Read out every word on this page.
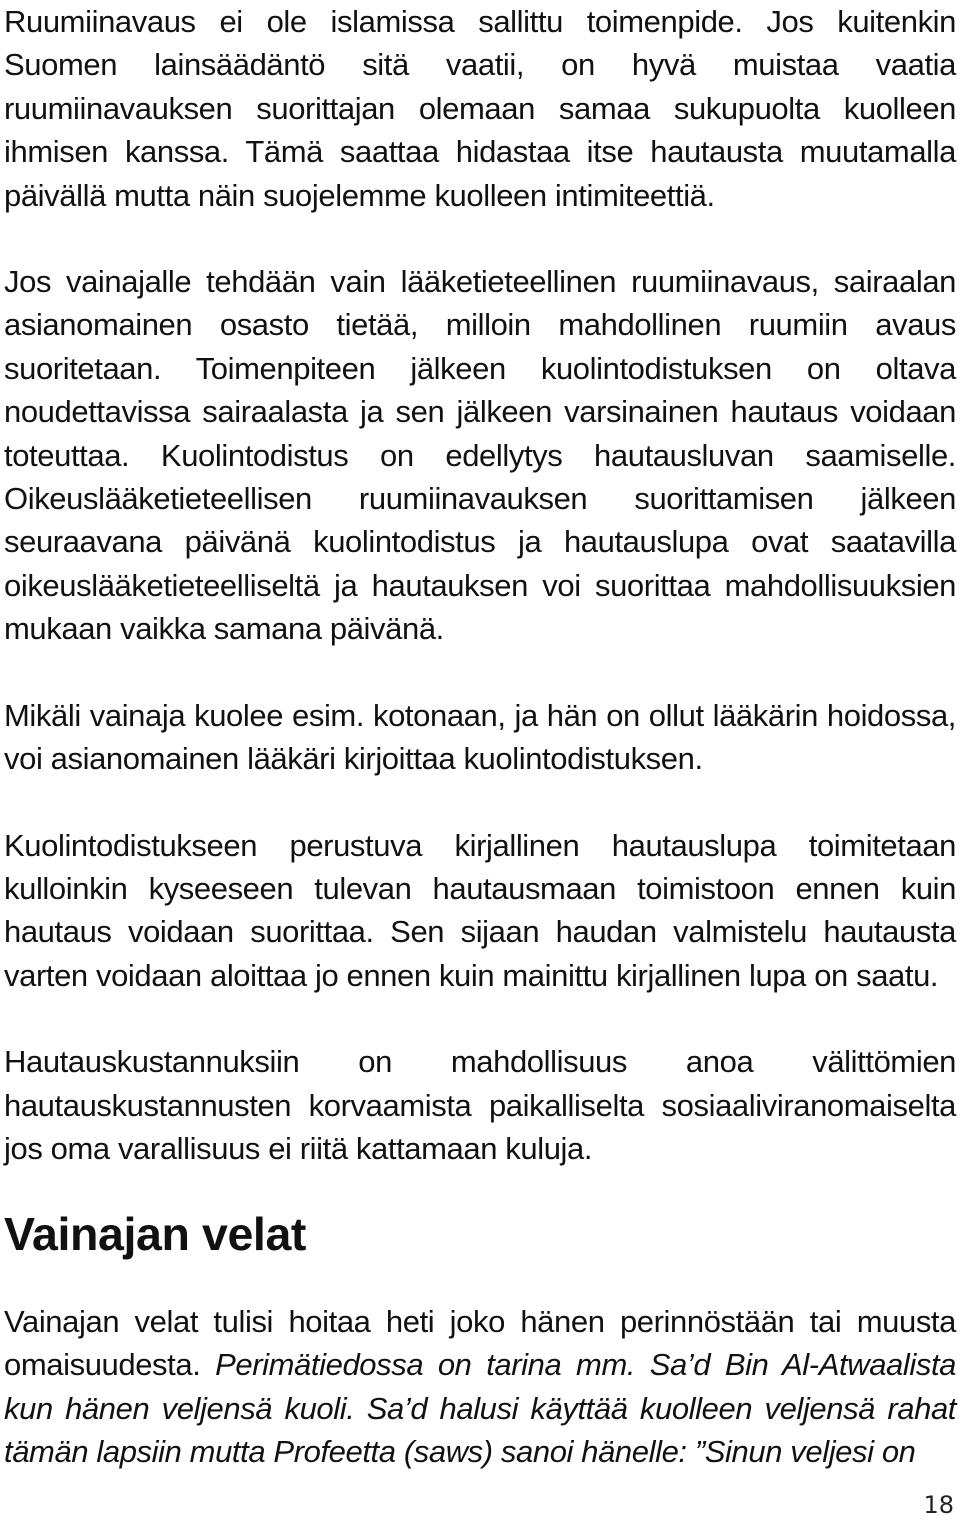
Ruumiinavaus ei ole islamissa sallittu toimenpide. Jos kuitenkin Suomen lainsäädäntö sitä vaatii, on hyvä muistaa vaatia ruumiinavauksen suorittajan olemaan samaa sukupuolta kuolleen ihmisen kanssa. Tämä saattaa hidastaa itse hautausta muutamalla päivällä mutta näin suojelemme kuolleen intimiteettiä.

Jos vainajalle tehdään vain lääketieteellinen ruumiinavaus, sairaalan asianomainen osasto tietää, milloin mahdollinen ruumiin avaus suoritetaan. Toimenpiteen jälkeen kuolintodistuksen on oltava noudettavissa sairaalasta ja sen jälkeen varsinainen hautaus voidaan toteuttaa. Kuolintodistus on edellytys hautausluvan saamiselle. Oikeuslääketieteellisen ruumiinavauksen suorittamisen jälkeen seuraavana päivänä kuolintodistus ja hautauslupa ovat saatavilla oikeuslääketieteelliseltä ja hautauksen voi suorittaa mahdollisuuksien mukaan vaikka samana päivänä.

Mikäli vainaja kuolee esim. kotonaan, ja hän on ollut lääkärin hoidossa, voi asianomainen lääkäri kirjoittaa kuolintodistuksen.

Kuolintodistukseen perustuva kirjallinen hautauslupa toimitetaan kulloinkin kyseeseen tulevan hautausmaan toimistoon ennen kuin hautaus voidaan suorittaa. Sen sijaan haudan valmistelu hautausta varten voidaan aloittaa jo ennen kuin mainittu kirjallinen lupa on saatu.

Hautauskustannuksiin on mahdollisuus anoa välittömien hautauskustannusten korvaamista paikalliselta sosiaaliviranomaiselta jos oma varallisuus ei riitä kattamaan kuluja.

Vainajan velat

Vainajan velat tulisi hoitaa heti joko hänen perinnöstään tai muusta omaisuudesta. Perimätiedossa on tarina mm. Sa’d Bin Al-Atwaalista kun hänen veljensä kuoli. Sa’d halusi käyttää kuolleen veljensä rahat tämän lapsiin mutta Profeetta (saws) sanoi hänelle: ”Sinun veljesi on

18
